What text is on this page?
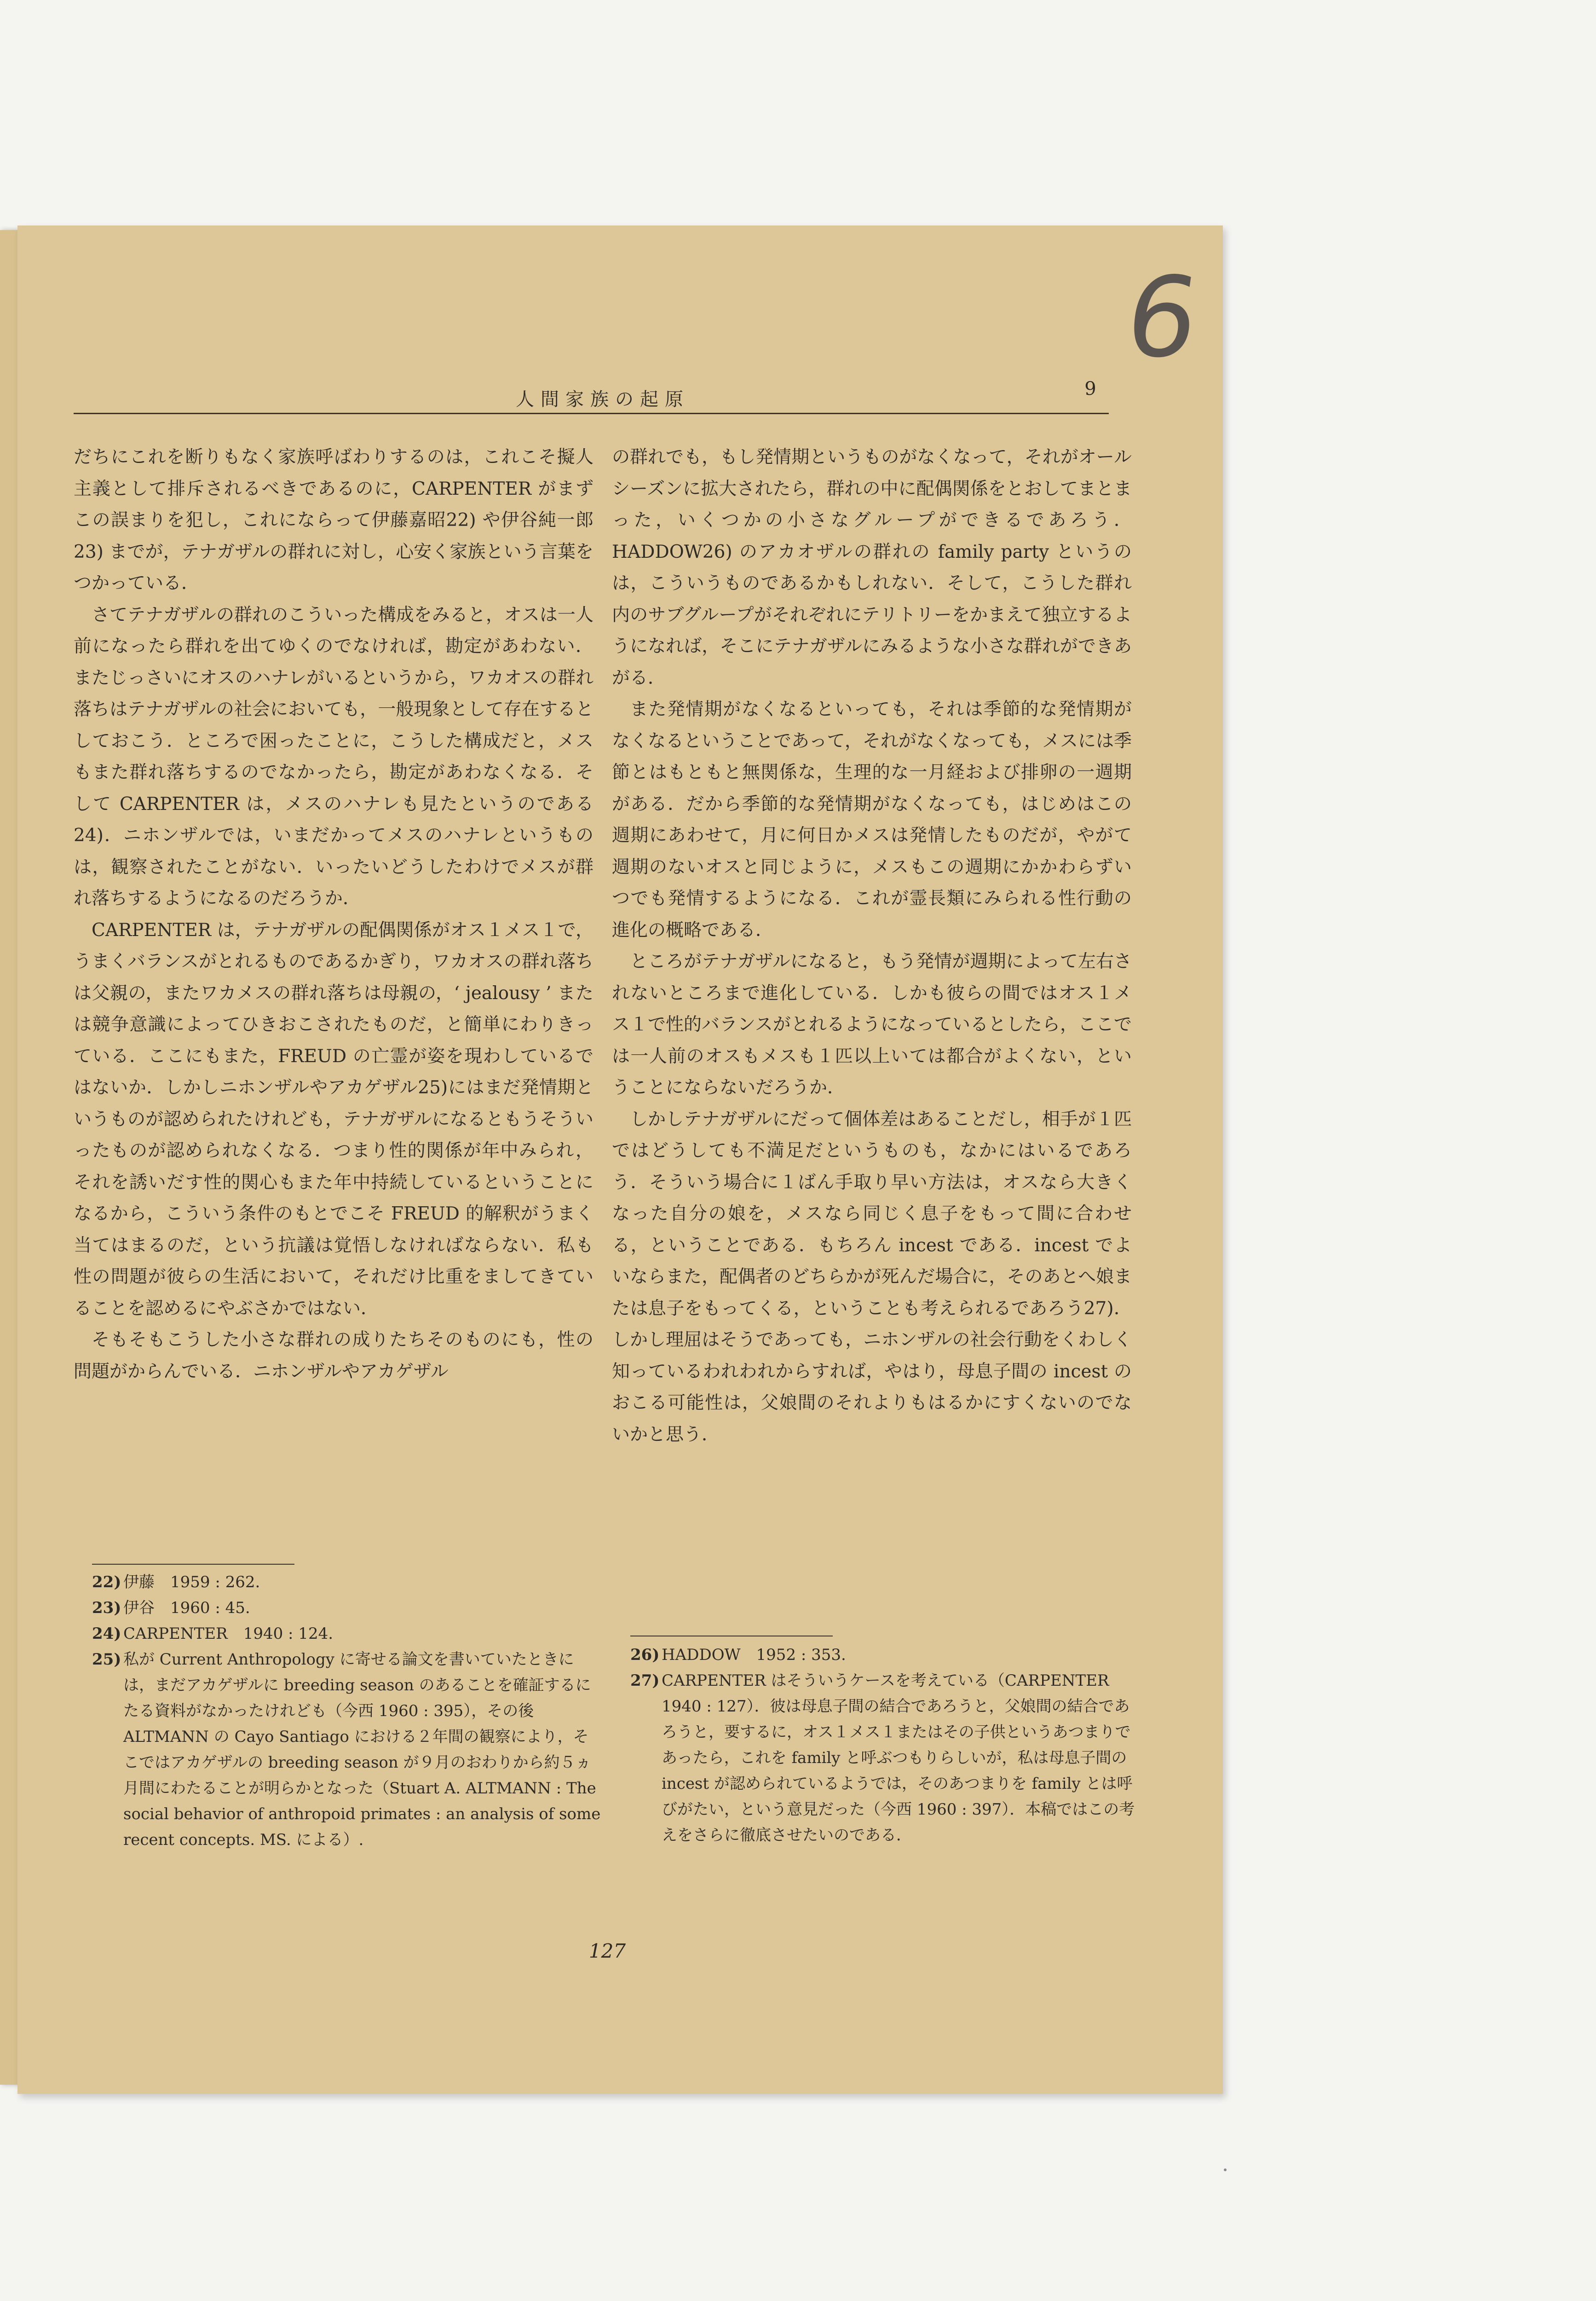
6
人間家族の起原	9

だちにこれを断りもなく家族呼ばわりするのは，これこそ擬人主義として排斥されるべきであるのに，CARPENTER がまずこの誤まりを犯し，これにならって伊藤嘉昭22) や伊谷純一郎23) までが，テナガザルの群れに対し，心安く家族という言葉をつかっている．

さてテナガザルの群れのこういった構成をみると，オスは一人前になったら群れを出てゆくのでなければ，勘定があわない．またじっさいにオスのハナレがいるというから，ワカオスの群れ落ちはテナガザルの社会においても，一般現象として存在するとしておこう．ところで困ったことに，こうした構成だと，メスもまた群れ落ちするのでなかったら，勘定があわなくなる．そして CARPENTER は，メスのハナレも見たというのである24)．ニホンザルでは，いまだかってメスのハナレというものは，観察されたことがない．いったいどうしたわけでメスが群れ落ちするようになるのだろうか．

CARPENTER は，テナガザルの配偶関係がオス１メス１で，うまくバランスがとれるものであるかぎり，ワカオスの群れ落ちは父親の，またワカメスの群れ落ちは母親の，‘ jealousy ’ または競争意識によってひきおこされたものだ，と簡単にわりきっている．ここにもまた，FREUD の亡霊が姿を現わしているではないか．しかしニホンザルやアカゲザル25)にはまだ発情期というものが認められたけれども，テナガザルになるともうそういったものが認められなくなる．つまり性的関係が年中みられ，それを誘いだす性的関心もまた年中持続しているということになるから，こういう条件のもとでこそ FREUD 的解釈がうまく当てはまるのだ，という抗議は覚悟しなければならない．私も性の問題が彼らの生活において，それだけ比重をましてきていることを認めるにやぶさかではない．

そもそもこうした小さな群れの成りたちそのものにも，性の問題がからんでいる．ニホンザルやアカゲザル

の群れでも，もし発情期というものがなくなって，それがオールシーズンに拡大されたら，群れの中に配偶関係をとおしてまとまった，いくつかの小さなグループができるであろう．HADDOW26) のアカオザルの群れの family party というのは，こういうものであるかもしれない．そして，こうした群れ内のサブグループがそれぞれにテリトリーをかまえて独立するようになれば，そこにテナガザルにみるような小さな群れができあがる．

また発情期がなくなるといっても，それは季節的な発情期がなくなるということであって，それがなくなっても，メスには季節とはもともと無関係な，生理的な一月経および排卵の一週期がある．だから季節的な発情期がなくなっても，はじめはこの週期にあわせて，月に何日かメスは発情したものだが，やがて週期のないオスと同じように，メスもこの週期にかかわらずいつでも発情するようになる．これが霊長類にみられる性行動の進化の概略である．

ところがテナガザルになると，もう発情が週期によって左右されないところまで進化している．しかも彼らの間ではオス１メス１で性的バランスがとれるようになっているとしたら，ここでは一人前のオスもメスも１匹以上いては都合がよくない，ということにならないだろうか．

しかしテナガザルにだって個体差はあることだし，相手が１匹ではどうしても不満足だというものも，なかにはいるであろう．そういう場合に１ばん手取り早い方法は，オスなら大きくなった自分の娘を，メスなら同じく息子をもって間に合わせる，ということである．もちろん incest である．incest でよいならまた，配偶者のどちらかが死んだ場合に，そのあとへ娘または息子をもってくる，ということも考えられるであろう27)．しかし理屈はそうであっても，ニホンザルの社会行動をくわしく知っているわれわれからすれば，やはり，母息子間の incest のおこる可能性は，父娘間のそれよりもはるかにすくないのでないかと思う．

22) 伊藤　1959 : 262.
23) 伊谷　1960 : 45.
24) CARPENTER　1940 : 124.
25) 私が Current Anthropology に寄せる論文を書いていたときには，まだアカゲザルに breeding season のあることを確証するにたる資料がなかったけれども（今西 1960 : 395），その後ALTMANN の Cayo Santiago における２年間の観察により，そこではアカゲザルの breeding season が９月のおわりから約５ヵ月間にわたることが明らかとなった（Stuart A. ALTMANN : The social behavior of anthropoid primates : an analysis of some recent concepts. MS. による）.
26) HADDOW　1952 : 353.
27) CARPENTER はそういうケースを考えている（CARPENTER　1940 : 127）．彼は母息子間の結合であろうと，父娘間の結合であろうと，要するに，オス１メス１またはその子供というあつまりであったら，これを family と呼ぶつもりらしいが，私は母息子間の incest が認められているようでは，そのあつまりを family とは呼びがたい，という意見だった（今西 1960 : 397）．本稿ではこの考えをさらに徹底させたいのである．
127
